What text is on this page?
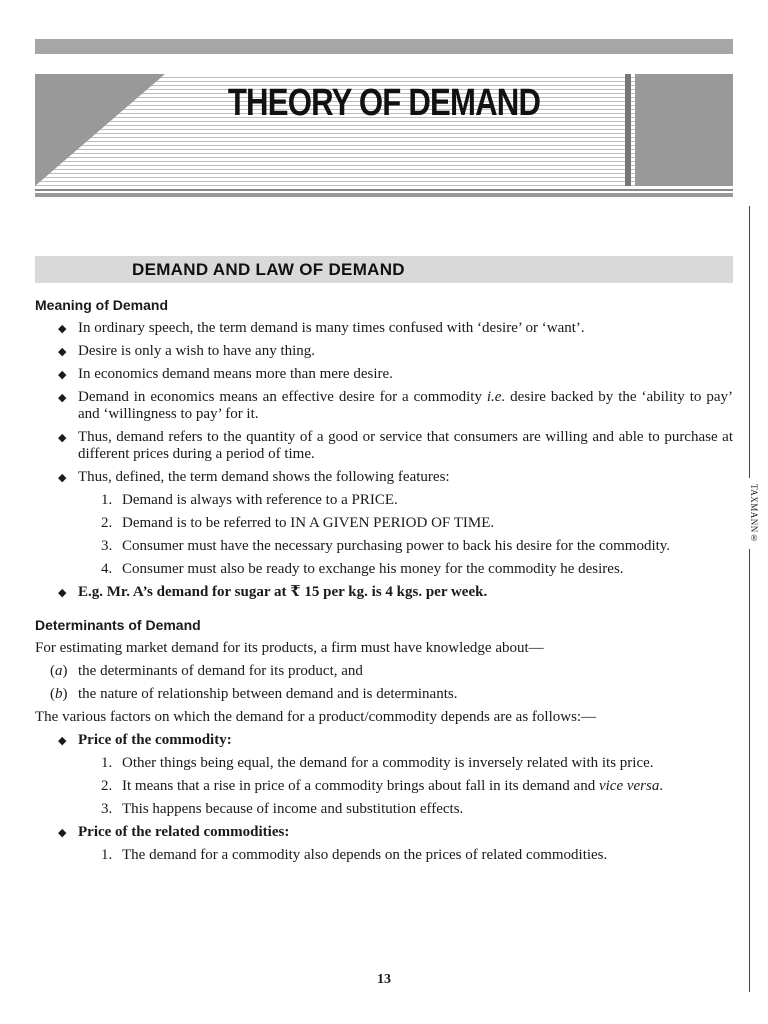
THEORY OF DEMAND
TAXMANN®
DEMAND AND LAW OF DEMAND

Meaning of Demand

◆ In ordinary speech, the term demand is many times confused with ‘desire’ or ‘want’.
◆ Desire is only a wish to have any thing.
◆ In economics demand means more than mere desire.
◆ Demand in economics means an effective desire for a commodity i.e. desire backed by the ‘ability to pay’ and ‘willingness to pay’ for it.
◆ Thus, demand refers to the quantity of a good or service that consumers are willing and able to purchase at different prices during a period of time.
◆ Thus, defined, the term demand shows the following features:
1. Demand is always with reference to a PRICE.
2. Demand is to be referred to IN A GIVEN PERIOD OF TIME.
3. Consumer must have the necessary purchasing power to back his desire for the commodity.
4. Consumer must also be ready to exchange his money for the commodity he desires.
◆ E.g. Mr. A’s demand for sugar at ₹ 15 per kg. is 4 kgs. per week.

Determinants of Demand

For estimating market demand for its products, a firm must have knowledge about—
(a) the determinants of demand for its product, and
(b) the nature of relationship between demand and is determinants.
The various factors on which the demand for a product/commodity depends are as follows:—
◆ Price of the commodity:
1. Other things being equal, the demand for a commodity is inversely related with its price.
2. It means that a rise in price of a commodity brings about fall in its demand and vice versa.
3. This happens because of income and substitution effects.
◆ Price of the related commodities:
1. The demand for a commodity also depends on the prices of related commodities.
13
